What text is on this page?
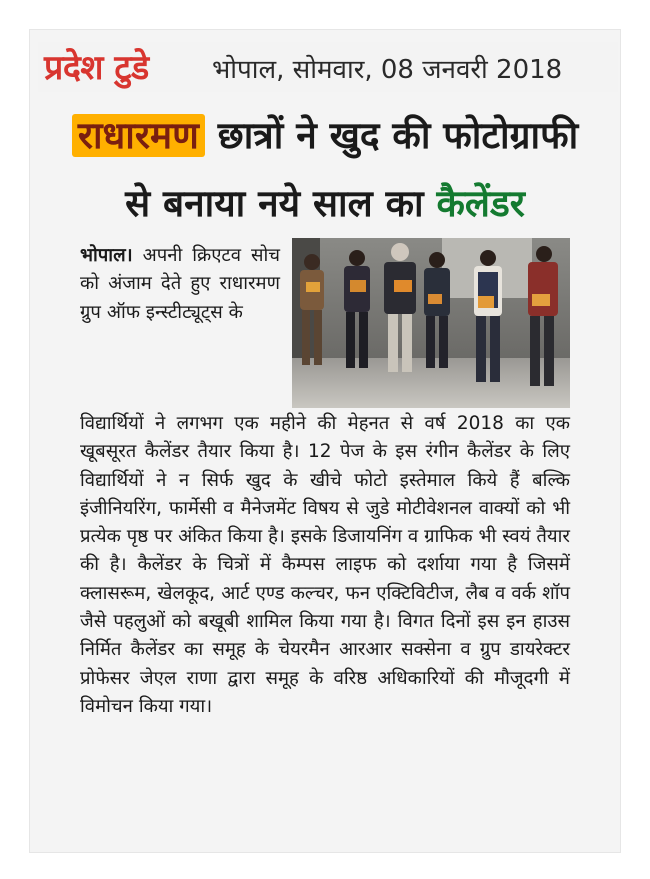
प्रदेश टुडे भोपाल, सोमवार, 08 जनवरी 2018
राधारमण छात्रों ने खुद की फोटोग्राफी
से बनाया नये साल का कैलेंडर
भोपाल। अपनी क्रिएटव सोच को अंजाम देते हुए राधारमण ग्रुप ऑफ इन्स्टीट्यूट्स के
विद्यार्थियों ने लगभग एक महीने की मेहनत से वर्ष 2018 का एक खूबसूरत कैलेंडर तैयार किया है। 12 पेज के इस रंगीन कैलेंडर के लिए विद्यार्थियों ने न सिर्फ खुद के खीचे फोटो इस्तेमाल किये हैं बल्कि इंजीनियरिंग, फार्मेसी व मैनेजमेंट विषय से जुडे मोटीवेशनल वाक्यों को भी प्रत्येक पृष्ठ पर अंकित किया है। इसके डिजायनिंग व ग्राफिक भी स्वयं तैयार की है। कैलेंडर के चित्रों में कैम्पस लाइफ को दर्शाया गया है जिसमें क्लासरूम, खेलकूद, आर्ट एण्ड कल्चर, फन एक्टिविटीज, लैब व वर्क शॉप जैसे पहलुओं को बखूबी शामिल किया गया है। विगत दिनों इस इन हाउस निर्मित कैलेंडर का समूह के चेयरमैन आरआर सक्सेना व ग्रुप डायरेक्टर प्रोफेसर जेएल राणा द्वारा समूह के वरिष्ठ अधिकारियों की मौजूदगी में विमोचन किया गया।
